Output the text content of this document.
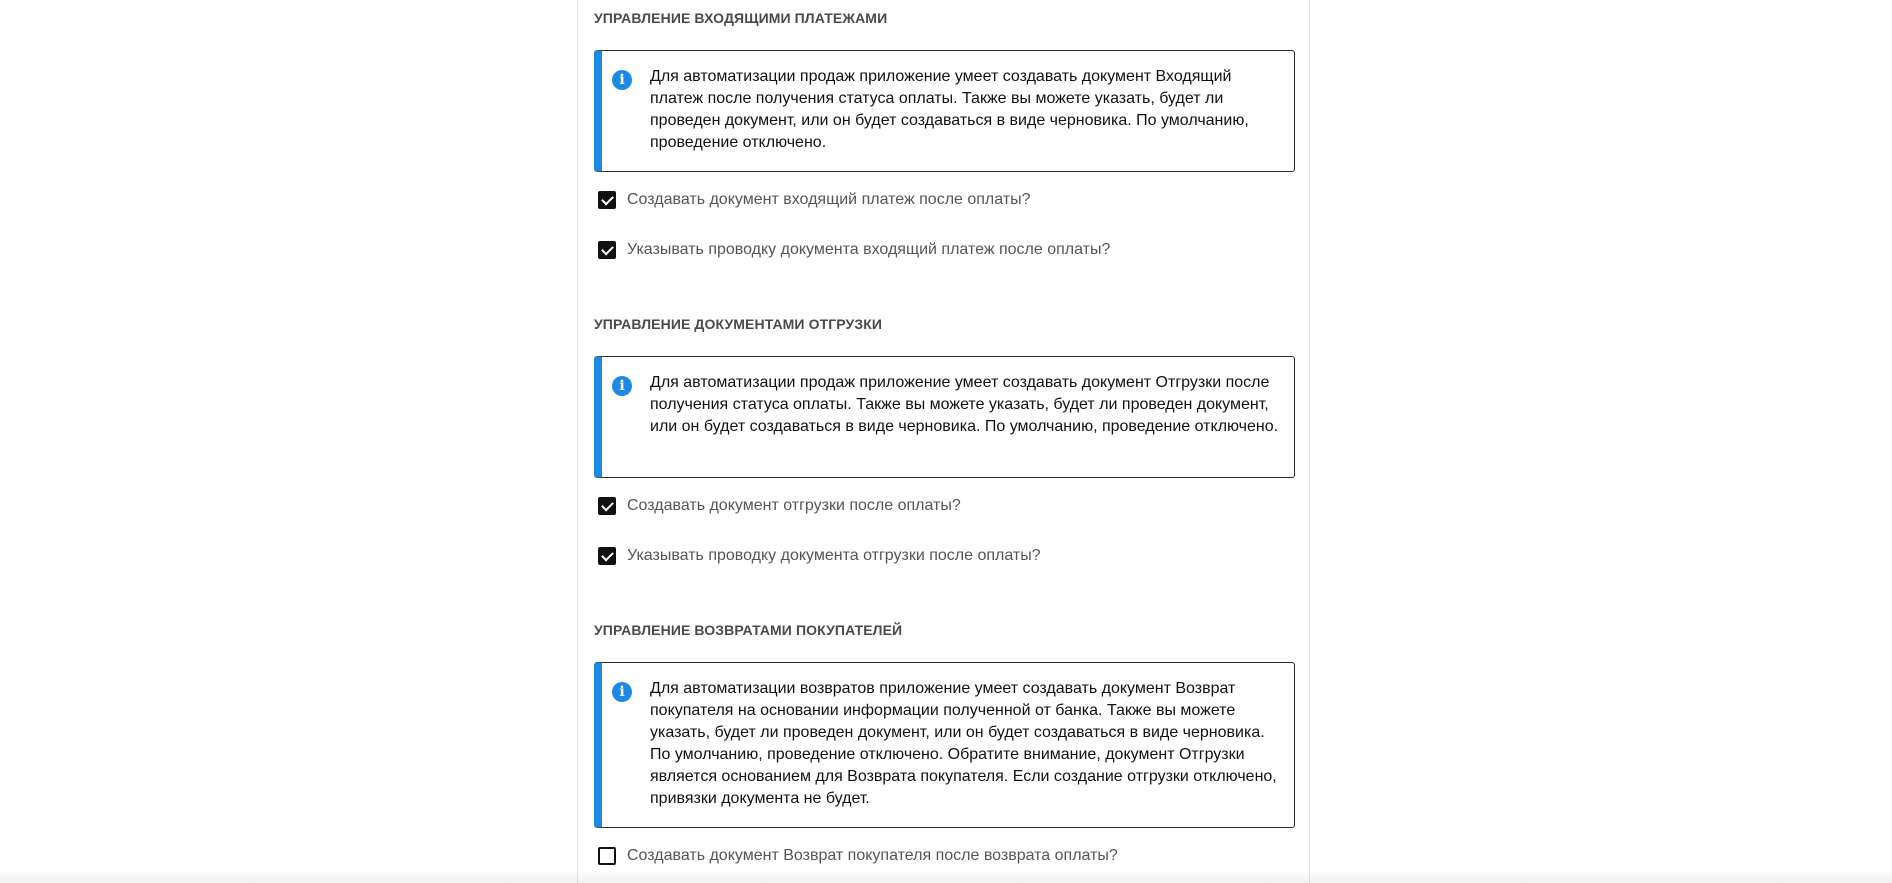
УПРАВЛЕНИЕ ВХОДЯЩИМИ ПЛАТЕЖАМИ
i	Для автоматизации продаж приложение умеет создавать документ Входящий платеж после получения статуса оплаты. Также вы можете указать, будет ли проведен документ, или он будет создаваться в виде черновика. По умолчанию, проведение отключено.
Создавать документ входящий платеж после оплаты?
Указывать проводку документа входящий платеж после оплаты?
УПРАВЛЕНИЕ ДОКУМЕНТАМИ ОТГРУЗКИ
i	Для автоматизации продаж приложение умеет создавать документ Отгрузки после получения статуса оплаты. Также вы можете указать, будет ли проведен документ, или он будет создаваться в виде черновика. По умолчанию, проведение отключено.
Создавать документ отгрузки после оплаты?
Указывать проводку документа отгрузки после оплаты?
УПРАВЛЕНИЕ ВОЗВРАТАМИ ПОКУПАТЕЛЕЙ
i	Для автоматизации возвратов приложение умеет создавать документ Возврат покупателя на основании информации полученной от банка. Также вы можете указать, будет ли проведен документ, или он будет создаваться в виде черновика. По умолчанию, проведение отключено. Обратите внимание, документ Отгрузки является основанием для Возврата покупателя. Если создание отгрузки отключено, привязки документа не будет.
Создавать документ Возврат покупателя после возврата оплаты?
